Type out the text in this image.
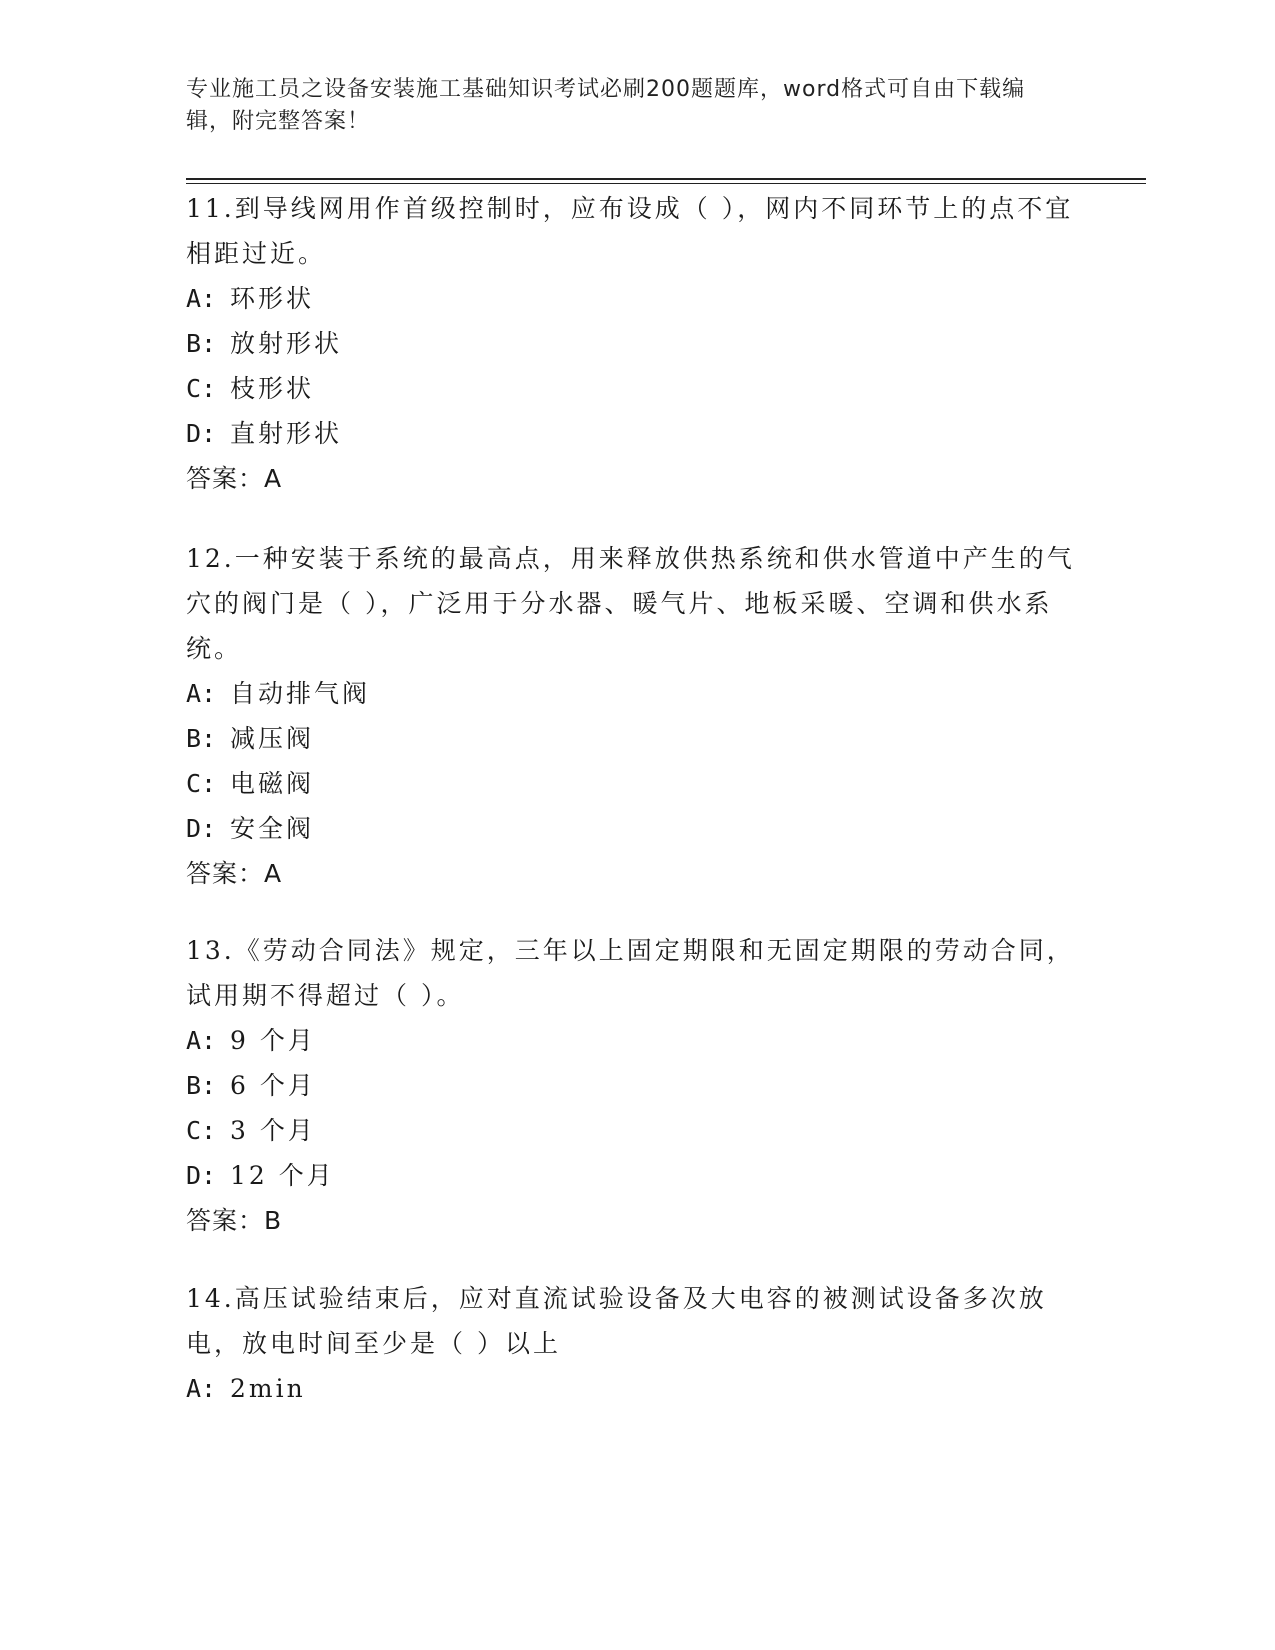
专业施工员之设备安装施工基础知识考试必刷200题题库，word格式可自由下载编辑，附完整答案！

11.到导线网用作首级控制时，应布设成（ ），网内不同环节上的点不宜相距过近。

A: 环形状
B: 放射形状
C: 枝形状
D: 直射形状

答案：A

12.一种安装于系统的最高点，用来释放供热系统和供水管道中产生的气穴的阀门是（ ），广泛用于分水器、暖气片、地板采暖、空调和供水系统。

A: 自动排气阀
B: 减压阀
C: 电磁阀
D: 安全阀

答案：A

13.《劳动合同法》规定，三年以上固定期限和无固定期限的劳动合同，试用期不得超过（ ）。

A: 9 个月
B: 6 个月
C: 3 个月
D: 12 个月

答案：B

14.高压试验结束后，应对直流试验设备及大电容的被测试设备多次放电，放电时间至少是（ ）以上

A: 2min
